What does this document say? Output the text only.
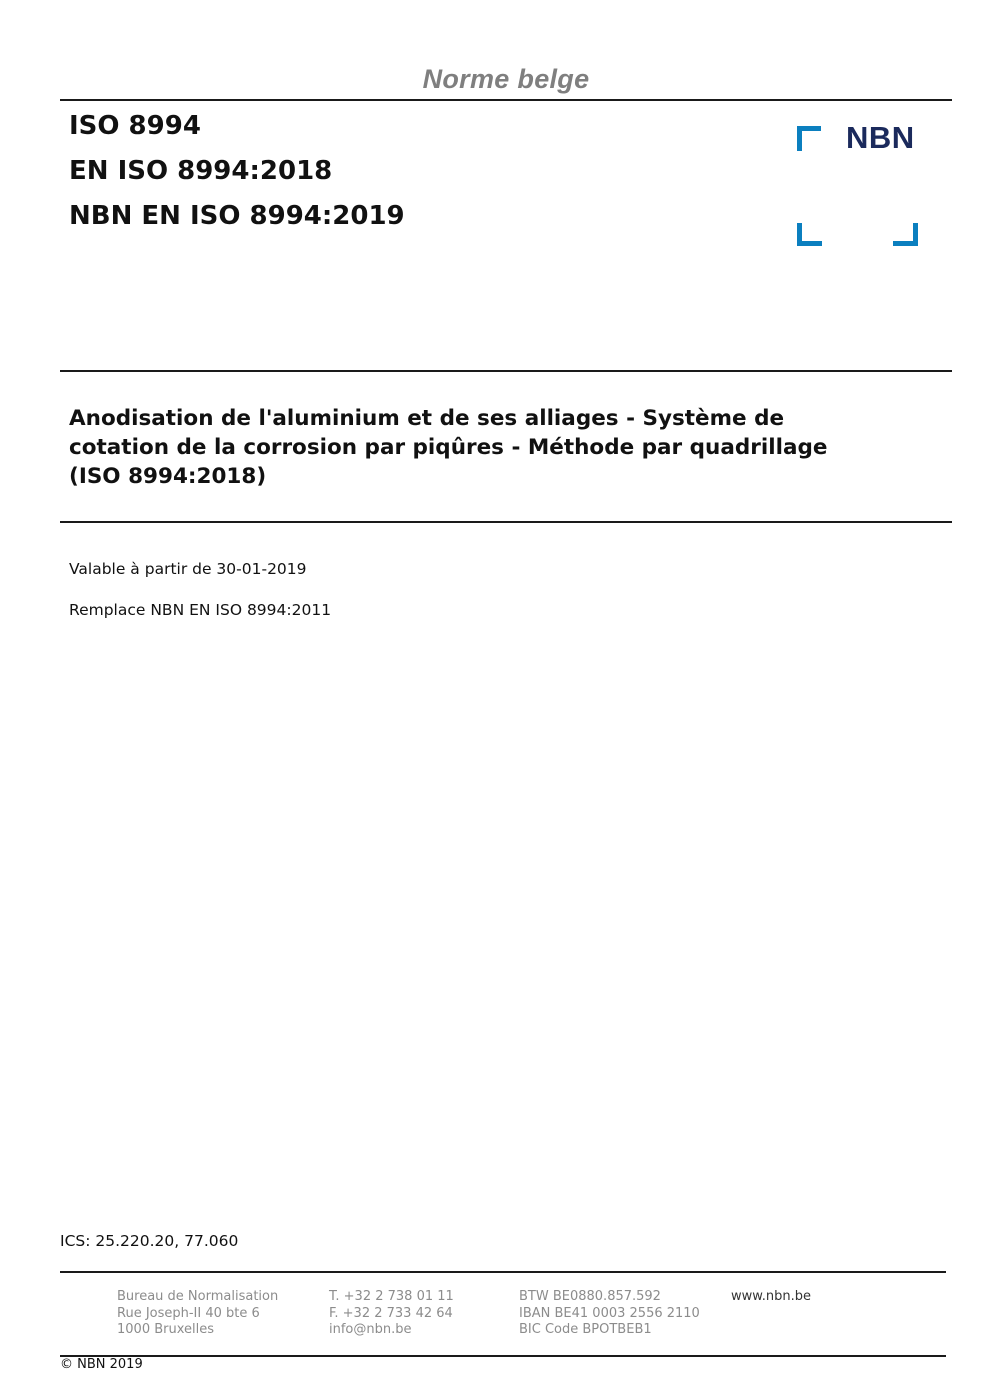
Norme belge
ISO 8994
EN ISO 8994:2018
NBN EN ISO 8994:2019
NBN
Anodisation de l'aluminium et de ses alliages - Système de
cotation de la corrosion par piqûres - Méthode par quadrillage
(ISO 8994:2018)
Valable à partir de 30-01-2019
Remplace NBN EN ISO 8994:2011
ICS: 25.220.20, 77.060
Bureau de Normalisation
Rue Joseph-II 40 bte 6
1000 Bruxelles
T. +32 2 738 01 11
F. +32 2 733 42 64
info@nbn.be
BTW BE0880.857.592
IBAN BE41 0003 2556 2110
BIC Code BPOTBEB1
www.nbn.be
© NBN 2019
